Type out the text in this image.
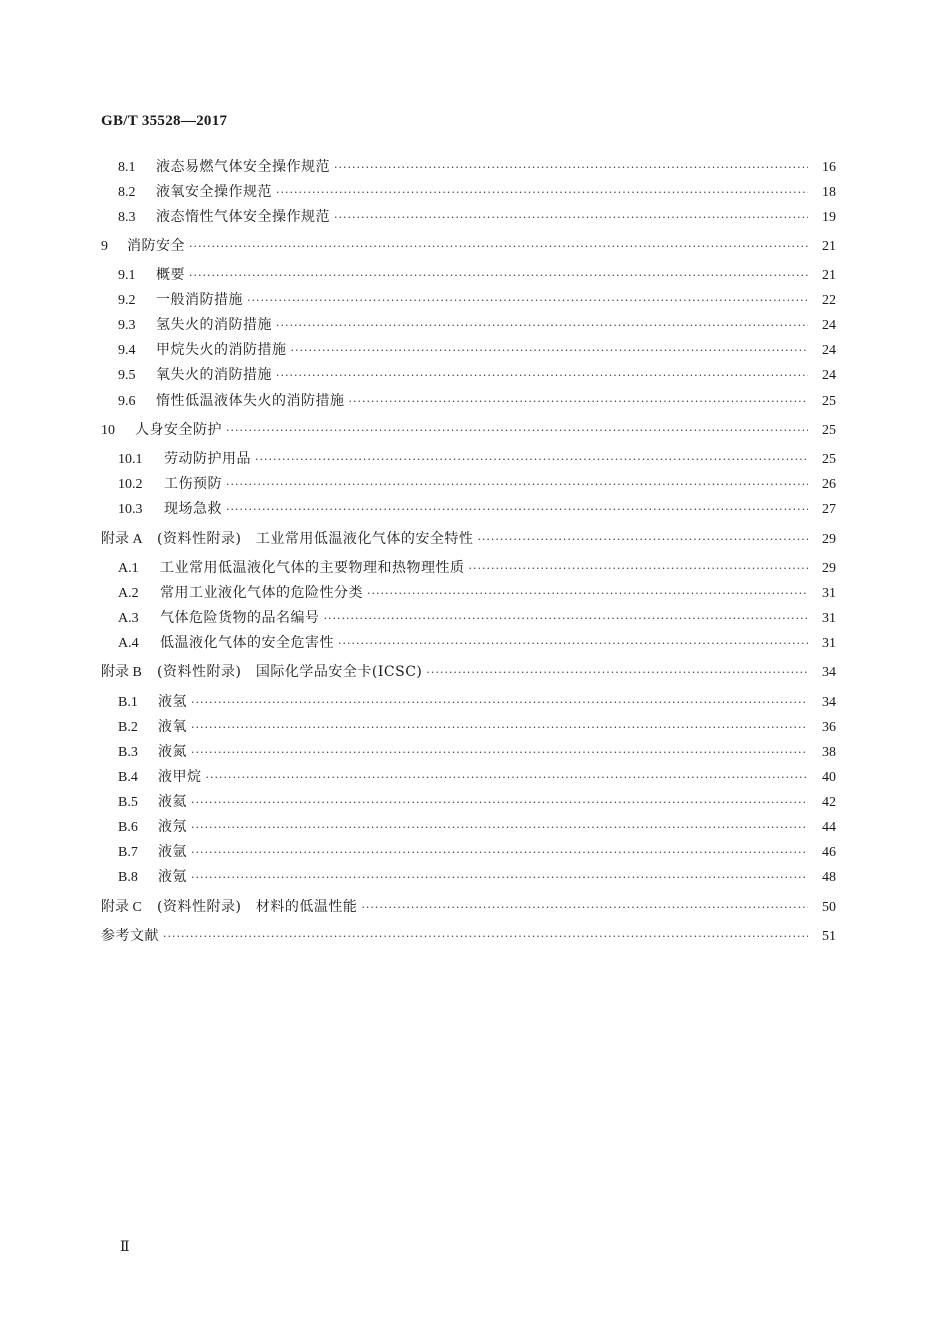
GB/T 35528—2017
8.1	液态易燃气体安全操作规范 ·····	16
8.2	液氧安全操作规范 ·····	18
8.3	液态惰性气体安全操作规范 ·····	19
9	消防安全 ·····	21
9.1	概要 ·····	21
9.2	一般消防措施 ·····	22
9.3	氢失火的消防措施 ·····	24
9.4	甲烷失火的消防措施 ·····	24
9.5	氧失火的消防措施 ·····	24
9.6	惰性低温液体失火的消防措施 ·····	25
10	人身安全防护 ·····	25
10.1	劳动防护用品 ·····	25
10.2	工伤预防 ·····	26
10.3	现场急救 ·····	27
附录 A	(资料性附录)　工业常用低温液化气体的安全特性 ·····	29
A.1	工业常用低温液化气体的主要物理和热物理性质 ·····	29
A.2	常用工业液化气体的危险性分类 ·····	31
A.3	气体危险货物的品名编号 ·····	31
A.4	低温液化气体的安全危害性 ·····	31
附录 B	(资料性附录)　国际化学品安全卡(ICSC) ·····	34
B.1	液氢 ·····	34
B.2	液氧 ·····	36
B.3	液氮 ·····	38
B.4	液甲烷 ·····	40
B.5	液氦 ·····	42
B.6	液氖 ·····	44
B.7	液氩 ·····	46
B.8	液氪 ·····	48
附录 C	(资料性附录)　材料的低温性能 ·····	50
参考文献 ·····	51
Ⅱ
